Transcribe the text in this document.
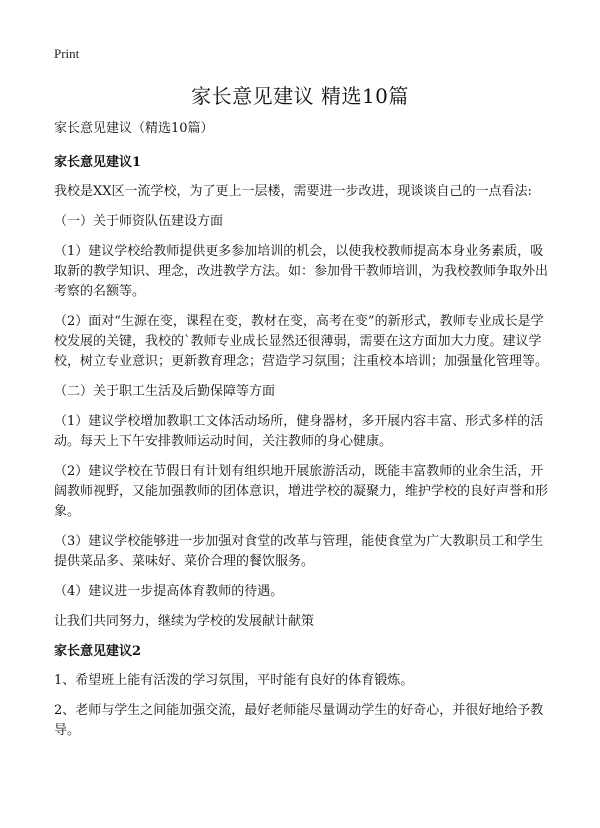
Print
家长意见建议 精选10篇

家长意见建议（精选10篇）

家长意见建议1

我校是XX区一流学校，为了更上一层楼，需要进一步改进，现谈谈自己的一点看法:

（一）关于师资队伍建设方面

（1）建议学校给教师提供更多参加培训的机会，以使我校教师提高本身业务素质，吸取新的教学知识、理念，改进教学方法。如：参加骨干教师培训，为我校教师争取外出考察的名额等。

（2）面对“生源在变，课程在变，教材在变，高考在变”的新形式，教师专业成长是学校发展的关键，我校的`教师专业成长显然还很薄弱，需要在这方面加大力度。建议学校，树立专业意识；更新教育理念；营造学习氛围；注重校本培训；加强量化管理等。

（二）关于职工生活及后勤保障等方面

（1）建议学校增加教职工文体活动场所，健身器材，多开展内容丰富、形式多样的活动。每天上下午安排教师运动时间，关注教师的身心健康。

（2）建议学校在节假日有计划有组织地开展旅游活动，既能丰富教师的业余生活，开阔教师视野，又能加强教师的团体意识，增进学校的凝聚力，维护学校的良好声誉和形象。

（3）建议学校能够进一步加强对食堂的改革与管理，能使食堂为广大教职员工和学生提供菜品多、菜味好、菜价合理的餐饮服务。

（4）建议进一步提高体育教师的待遇。

让我们共同努力，继续为学校的发展献计献策

家长意见建议2

1、希望班上能有活泼的学习氛围，平时能有良好的体育锻炼。

2、老师与学生之间能加强交流，最好老师能尽量调动学生的好奇心，并很好地给予教导。
